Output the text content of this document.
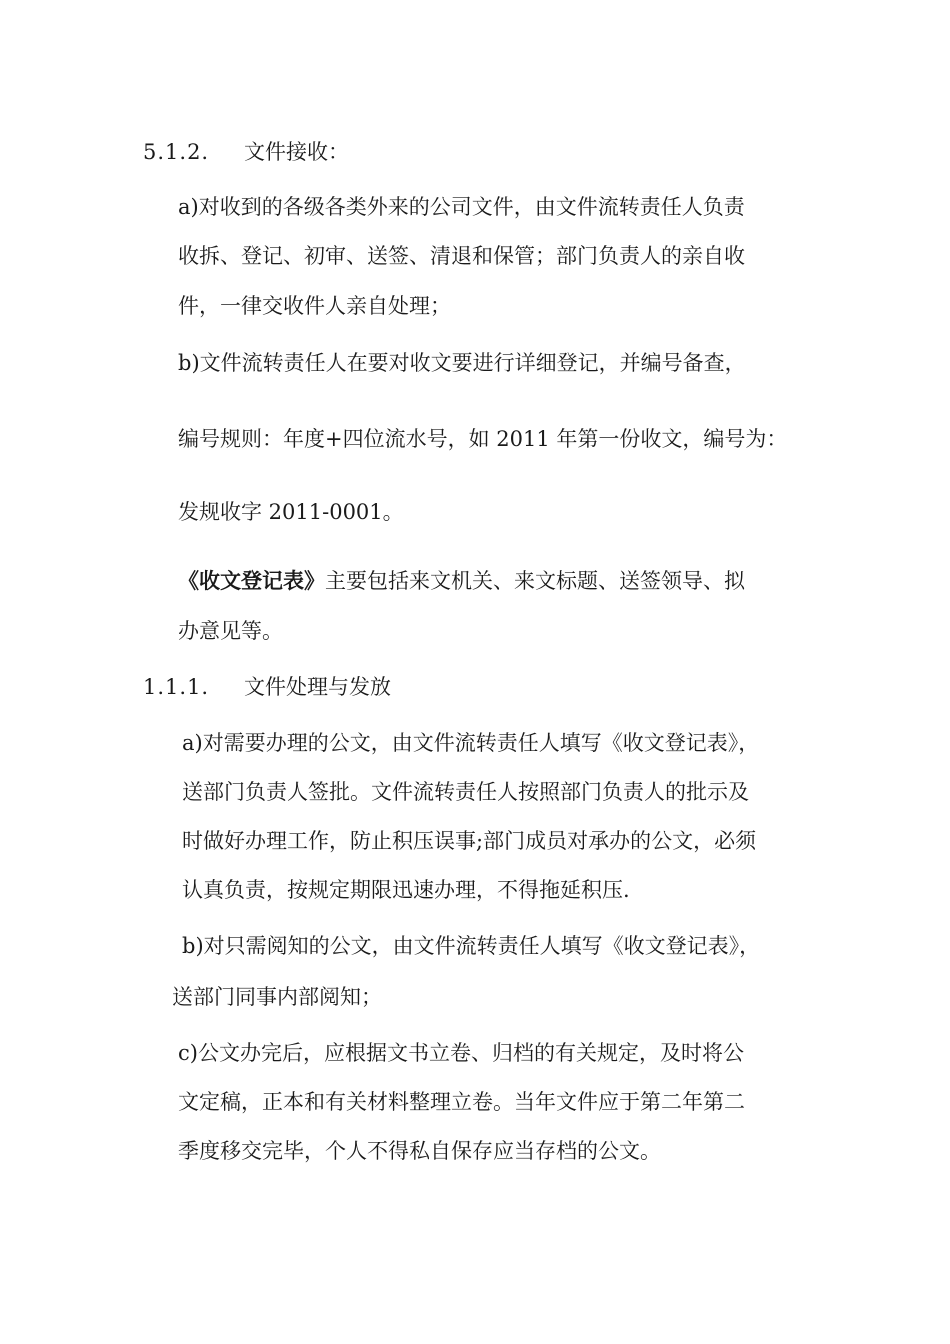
5.1.2. 文件接收：
a)对收到的各级各类外来的公司文件，由文件流转责任人负责
收拆、登记、初审、送签、清退和保管；部门负责人的亲自收
件，一律交收件人亲自处理；
b)文件流转责任人在要对收文要进行详细登记，并编号备查，
编号规则：年度+四位流水号，如 2011 年第一份收文，编号为：
发规收字 2011-0001。
《收文登记表》主要包括来文机关、来文标题、送签领导、拟
办意见等。
1.1.1. 文件处理与发放
a)对需要办理的公文，由文件流转责任人填写《收文登记表》，
送部门负责人签批。文件流转责任人按照部门负责人的批示及
时做好办理工作，防止积压误事;部门成员对承办的公文，必须
认真负责，按规定期限迅速办理，不得拖延积压.
b)对只需阅知的公文，由文件流转责任人填写《收文登记表》，
送部门同事内部阅知；
c)公文办完后，应根据文书立卷、归档的有关规定，及时将公
文定稿，正本和有关材料整理立卷。当年文件应于第二年第二
季度移交完毕，个人不得私自保存应当存档的公文。
